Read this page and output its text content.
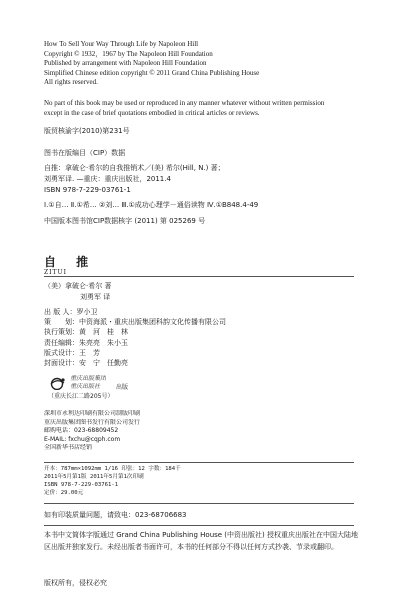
How To Sell Your Way Through Life by Napoleon Hill
Copyright © 1932，1967 by The Napoleon Hill Foundation
Published by arrangement with Napoleon Hill Foundation
Simplified Chinese edition copyright © 2011 Grand China Publishing House
All rights reserved.
No part of this book may be used or reproduced in any manner whatever without written permission
except in the case of brief quotations embodied in critical articles or reviews.
版贸核渝字(2010)第231号
图书在版编目（CIP）数据
自推：拿破仑·希尔的自我推销术／(美) 希尔(Hill, N.) 著；
刘勇军译. —重庆：重庆出版社，2011.4
ISBN 978-7-229-03761-1
Ⅰ.①自… Ⅱ.①希… ②刘… Ⅲ.①成功心理学－通俗读物 Ⅳ.①B848.4-49
中国版本图书馆CIP数据核字 (2011) 第 025269 号
自 推
ZITUI
（美）拿破仑·希尔 著
刘勇军 译
出 版 人：罗小卫
策　　划：中资海派・重庆出版集团科韵文化传播有限公司
执行策划：黄　河　桂　林
责任编辑：朱亮亮　朱小玉
版式设计：王　芳
封面设计：安　宁　任勤亮
重庆出版集团
重庆出版社	出版
（重庆长江二路205号）
深圳市永利达印刷有限公司制版印刷
重庆出版集团图书发行有限公司发行
邮购电话：023-68809452
E-MAIL: fxchu@cqph.com
全国新华书店经销
开本：787mm×1092mm 1/16 印张：12 字数：184千
2011年5月第1版 2011年5月第1次印刷
ISBN 978-7-229-03761-1
定价：29.00元
如有印装质量问题，请致电：023-68706683
本书中文简体字版通过 Grand China Publishing House (中资出版社) 授权重庆出版社在中国大陆地区出版并独家发行。未经出版者书面许可，本书的任何部分不得以任何方式抄袭、节录或翻印。
版权所有，侵权必究
